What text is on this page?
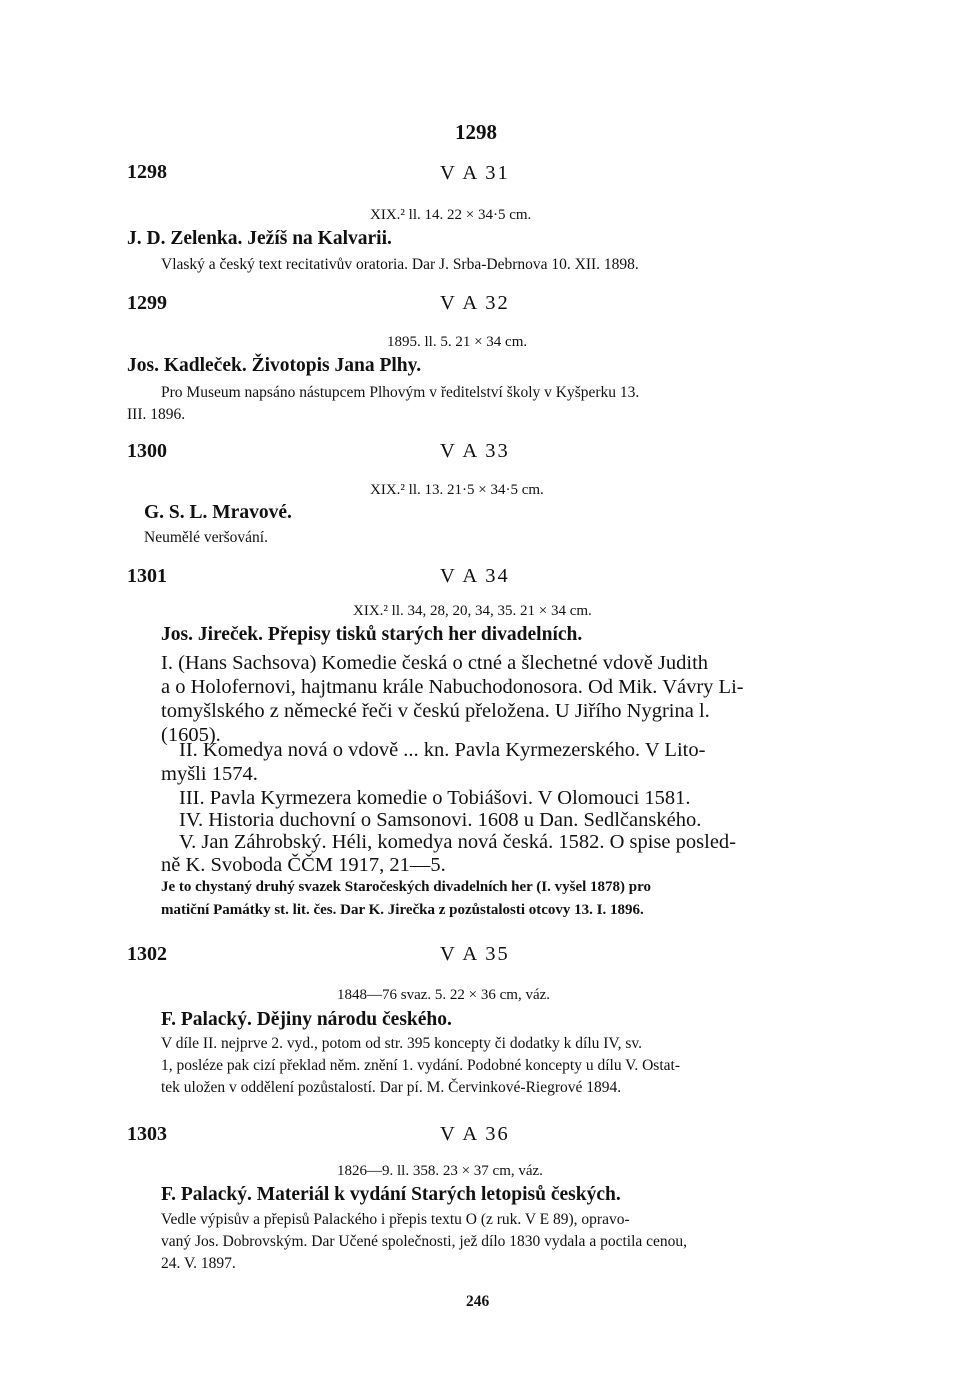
1298
1298	V A 31
XIX.² ll. 14. 22 × 34·5 cm.
J. D. Zelenka. Ježíš na Kalvarii.
Vlaský a český text recitativův oratoria. Dar J. Srba-Debrnova 10. XII. 1898.
1299	V A 32
1895. ll. 5. 21 × 34 cm.
Jos. Kadleček. Životopis Jana Plhy.
Pro Museum napsáno nástupcem Plhovým v ředitelství školy v Kyšperku 13.
III. 1896.
1300	V A 33
XIX.² ll. 13. 21·5 × 34·5 cm.
G. S. L. Mravové.
Neumělé veršování.
1301	V A 34
XIX.² ll. 34, 28, 20, 34, 35. 21 × 34 cm.
Jos. Jireček. Přepisy tisků starých her divadelních.
I. (Hans Sachsova) Komedie česká o ctné a šlechetné vdově Judith
a o Holofernovi, hajtmanu krále Nabuchodonosora. Od Mik. Vávry Li-
tomyšlského z německé řeči v českú přeložena. U Jiřího Nygrina l.
(1605).
II. Komedya nová o vdově ... kn. Pavla Kyrmezerského. V Lito-
myšli 1574.
III. Pavla Kyrmezera komedie o Tobiášovi. V Olomouci 1581.
IV. Historia duchovní o Samsonovi. 1608 u Dan. Sedlčanského.
V. Jan Záhrobský. Héli, komedya nová česká. 1582. O spise posled-
ně K. Svoboda ČČM 1917, 21—5.
Je to chystaný druhý svazek Staročeských divadelních her (I. vyšel 1878) pro
matiční Památky st. lit. čes. Dar K. Jirečka z pozůstalosti otcovy 13. I. 1896.
1302	V A 35
1848—76 svaz. 5. 22 × 36 cm, váz.
F. Palacký. Dějiny národu českého.
V díle II. nejprve 2. vyd., potom od str. 395 koncepty či dodatky k dílu IV, sv.
1, posléze pak cizí překlad něm. znění 1. vydání. Podobné koncepty u dílu V. Ostat-
tek uložen v oddělení pozůstalostí. Dar pí. M. Červinkové-Riegrové 1894.
1303	V A 36
1826—9. ll. 358. 23 × 37 cm, váz.
F. Palacký. Materiál k vydání Starých letopisů českých.
Vedle výpisův a přepisů Palackého i přepis textu O (z ruk. V E 89), opravo-
vaný Jos. Dobrovským. Dar Učené společnosti, jež dílo 1830 vydala a poctila cenou,
24. V. 1897.
246
